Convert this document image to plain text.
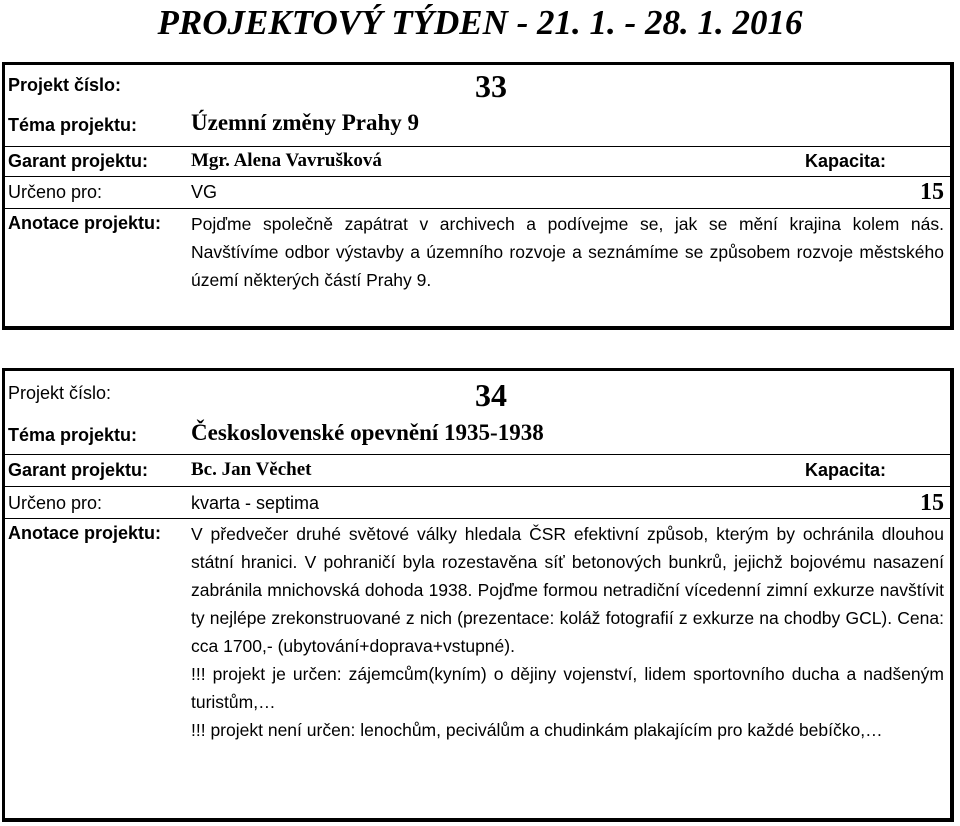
PROJEKTOVÝ TÝDEN - 21. 1. - 28. 1. 2016
Projekt číslo:	33
Téma projektu: Územní změny Prahy 9
Garant projektu: Mgr. Alena Vavrušková	Kapacita:
Určeno pro:	VG	15
Anotace projektu: Pojďme společně zapátrat v archivech a podívejme se, jak se mění krajina kolem nás. Navštívíme odbor výstavby a územního rozvoje a seznámíme se způsobem rozvoje městského území některých částí Prahy 9.

Projekt číslo:	34
Téma projektu: Československé opevnění 1935-1938
Garant projektu: Bc. Jan Věchet	Kapacita:
Určeno pro:	kvarta - septima	15
Anotace projektu: V předvečer druhé světové války hledala ČSR efektivní způsob, kterým by ochránila dlouhou státní hranici. V pohraničí byla rozestavěna síť betonových bunkrů, jejichž bojovému nasazení zabránila mnichovská dohoda 1938. Pojďme formou netradiční vícedenní zimní exkurze navštívit ty nejlépe zrekonstruované z nich (prezentace: koláž fotografií z exkurze na chodby GCL). Cena: cca 1700,- (ubytování+doprava+vstupné).

!!! projekt je určen: zájemcům(kyním) o dějiny vojenství, lidem sportovního ducha a nadšeným turistům,…

!!! projekt není určen: lenochům, peciválům a chudinkám plakajícím pro každé bebíčko,…
